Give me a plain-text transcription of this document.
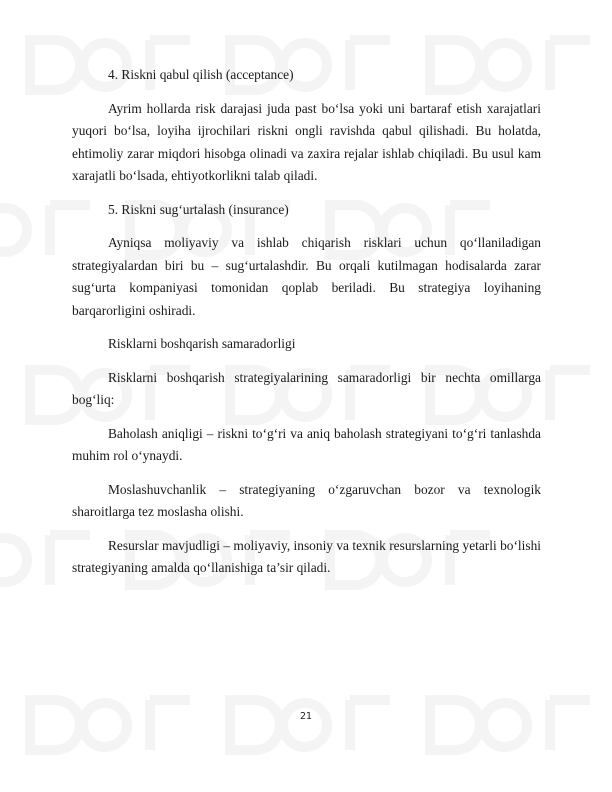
4. Riskni qabul qilish (acceptance)

Ayrim hollarda risk darajasi juda past bo‘lsa yoki uni bartaraf etish xarajatlari yuqori bo‘lsa, loyiha ijrochilari riskni ongli ravishda qabul qilishadi. Bu holatda, ehtimoliy zarar miqdori hisobga olinadi va zaxira rejalar ishlab chiqiladi. Bu usul kam xarajatli bo‘lsada, ehtiyotkorlikni talab qiladi.

5. Riskni sug‘urtalash (insurance)

Ayniqsa moliyaviy va ishlab chiqarish risklari uchun qo‘llaniladigan strategiyalardan biri bu – sug‘urtalashdir. Bu orqali kutilmagan hodisalarda zarar sug‘urta kompaniyasi tomonidan qoplab beriladi. Bu strategiya loyihaning barqarorligini oshiradi.

Risklarni boshqarish samaradorligi

Risklarni boshqarish strategiyalarining samaradorligi bir nechta omillarga bog‘liq:

Baholash aniqligi – riskni to‘g‘ri va aniq baholash strategiyani to‘g‘ri tanlashda muhim rol o‘ynaydi.

Moslashuvchanlik – strategiyaning o‘zgaruvchan bozor va texnologik sharoitlarga tez moslasha olishi.

Resurslar mavjudligi – moliyaviy, insoniy va texnik resurslarning yetarli bo‘lishi strategiyaning amalda qo‘llanishiga ta’sir qiladi.

21
